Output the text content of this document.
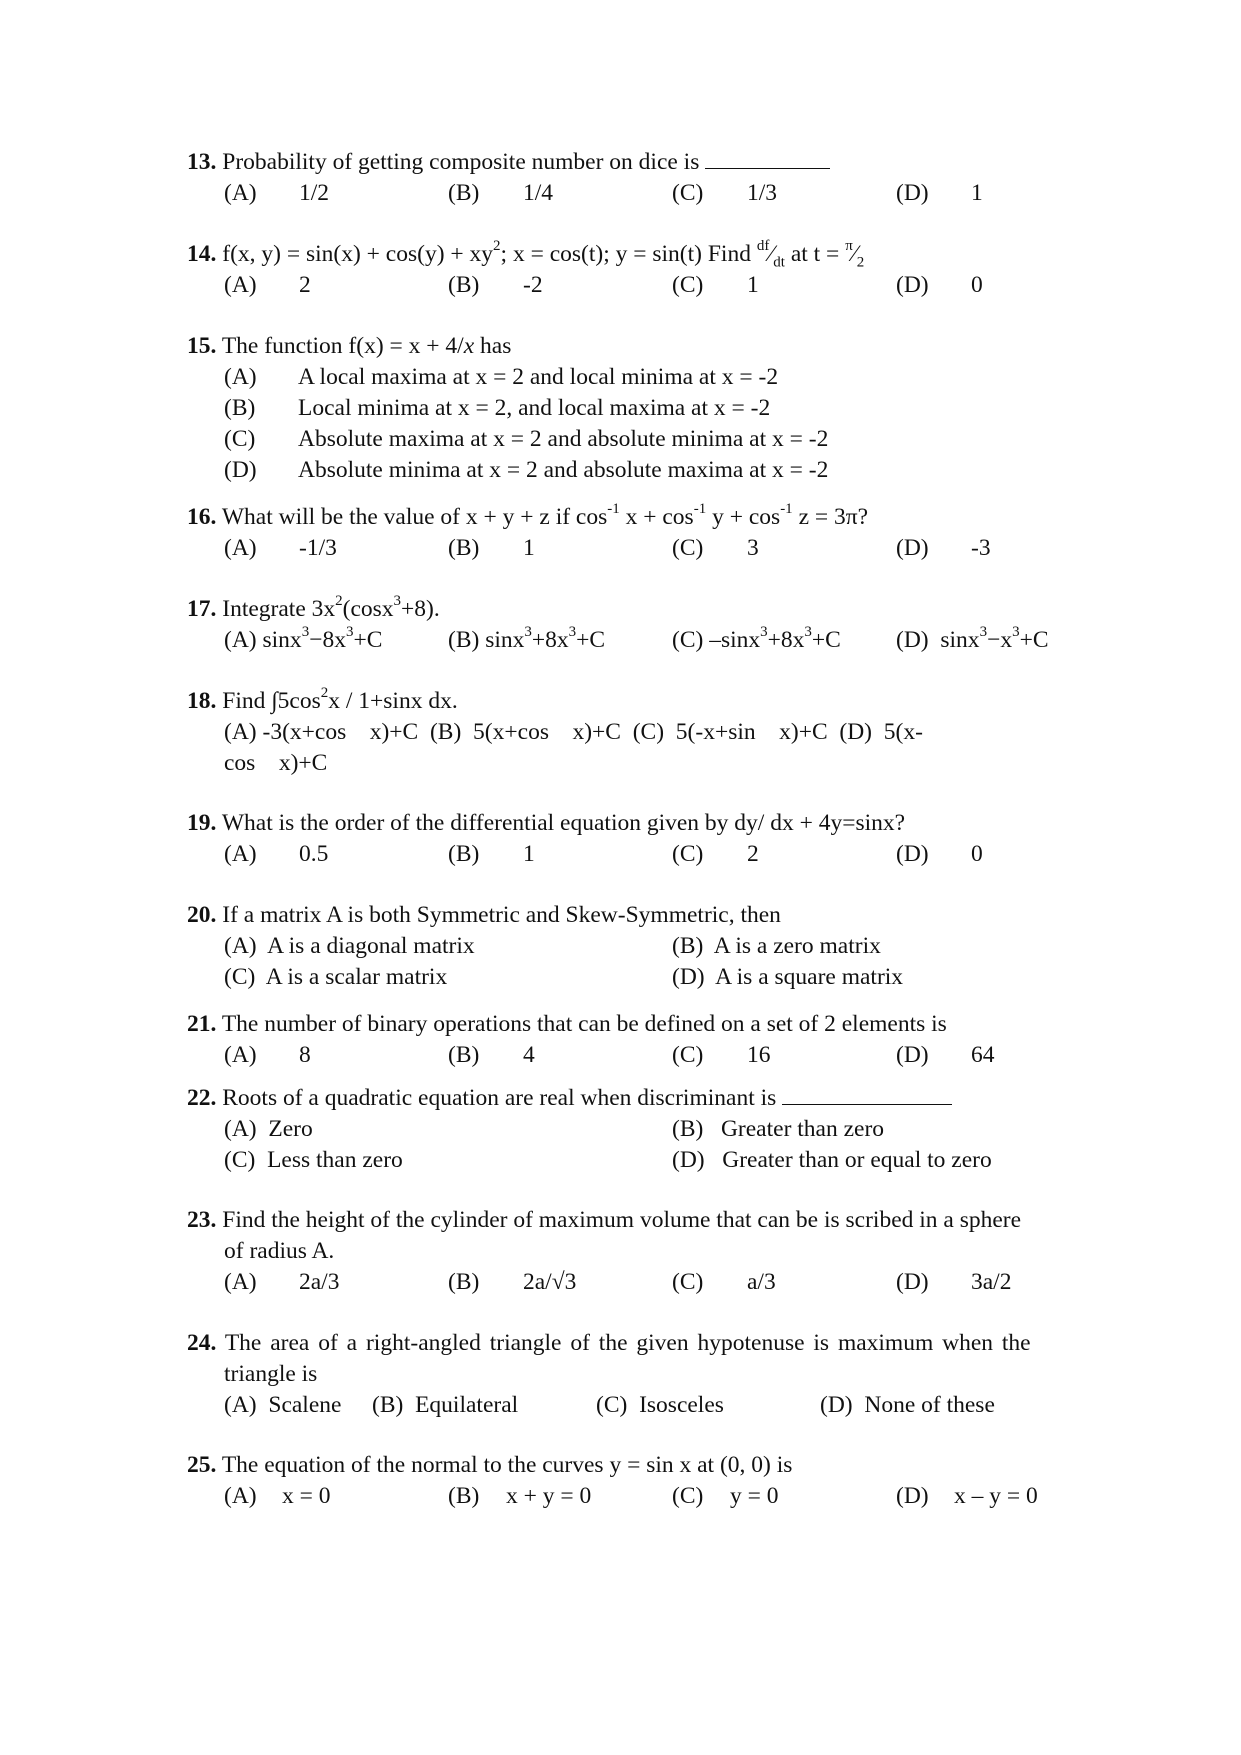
13. Probability of getting composite number on dice is
(A) 1/2	(B) 1/4	(C) 1/3	(D) 1
14. f(x, $y) = \sin(x) + \cos(y) + xy^2$; x = cos(t); y = sin(t) Find $^{df}⁄_{dt}$ at $t = ^\pi⁄_2$
(A) 2	(B) -2	(C) 1	(D) 0
15. The function f(x) = x + 4/x has
(A) A local maxima at x = 2 and local minima at x = -2
(B) Local minima at x = 2, and local maxima at x = -2
(C) Absolute maxima at x = 2 and absolute minima at x = -2
(D) Absolute minima at x = 2 and absolute maxima at x = -2
16. What will be the value of x + y + z if $\cos^{-1} x + \cos^{-1} y + \cos^{-1} z = 3\pi$?
(A) -1/3	(B) 1	(C) 3	(D) -3
17. Integrate $3x^2(\cos x^3+8)$.
(A) $\sin x^3-8x^3+C$	(B) $\sin x^3+8x^3+C$	(C) $-\sin x^3+8x^3+C$ (D) $\sin x^3-x^3+C$
18. Find $\int 5\cos^2x / 1+\sin x$ dx.
(A) -3(x+cos    x)+C  (B)  5(x+cos    x)+C  (C)  5(-x+sin    x)+C  (D)  5(x-
cos    x)+C
19. What is the order of the differential equation given by dy/ dx + 4y=sinx?
(A) 0.5	(B) 1	(C) 2	(D) 0
20. If a matrix A is both Symmetric and Skew-Symmetric, then
(A) A is a diagonal matrix	(B) A is a zero matrix
(C) A is a scalar matrix	(D) A is a square matrix
21. The number of binary operations that can be defined on a set of 2 elements is
(A) 8	(B) 4	(C) 16	(D) 64
22. Roots of a quadratic equation are real when discriminant is
(A) Zero	(B) Greater than zero
(C) Less than zero	(D) Greater than or equal to zero
23. Find the height of the cylinder of maximum volume that can be is scribed in a sphere
of radius A.
(A) 2a/3	(B) 2a/√3	(C) a/3	(D) 3a/2
24. The area of a right-angled triangle of the given hypotenuse is maximum when the
triangle is
(A) Scalene (B) Equilateral	(C) Isosceles	(D) None of these
25. The equation of the normal to the curves y = sin x at (0, 0) is
(A) x = 0	(B) x + y = 0	(C) y = 0	(D) x – y = 0
